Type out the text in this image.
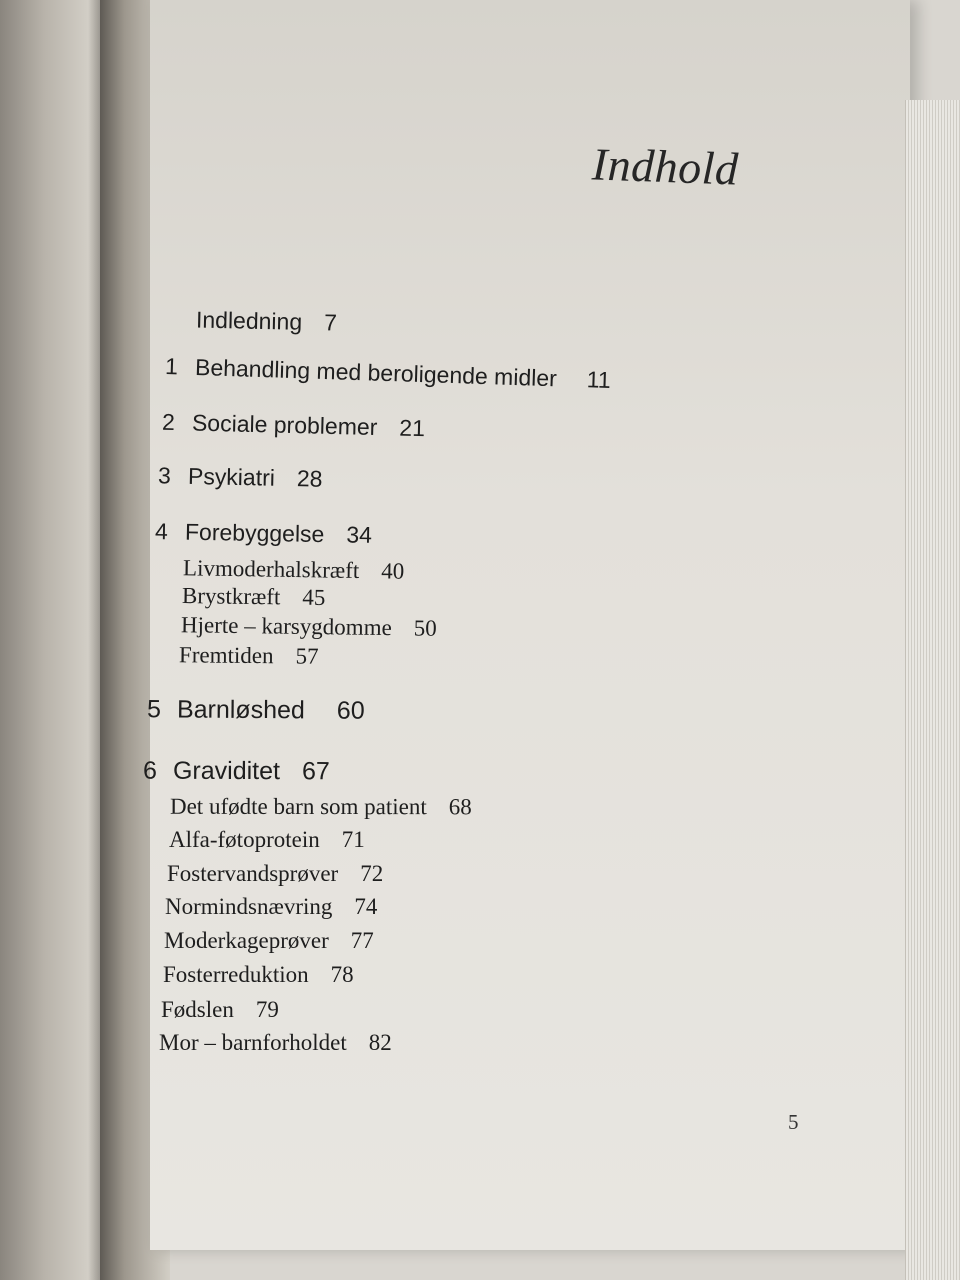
Indhold
Indledning 7
1 Behandling med beroligende midler 11
2 Sociale problemer 21
3 Psykiatri 28
4 Forebyggelse 34
Livmoderhalskræft 40
Brystkræft 45
Hjerte – karsygdomme 50
Fremtiden 57
5 Barnløshed 60
6 Graviditet 67
Det ufødte barn som patient 68
Alfa-føtoprotein 71
Fostervandsprøver 72
Normindsnævring 74
Moderkageprøver 77
Fosterreduktion 78
Fødslen 79
Mor – barnforholdet 82
5
